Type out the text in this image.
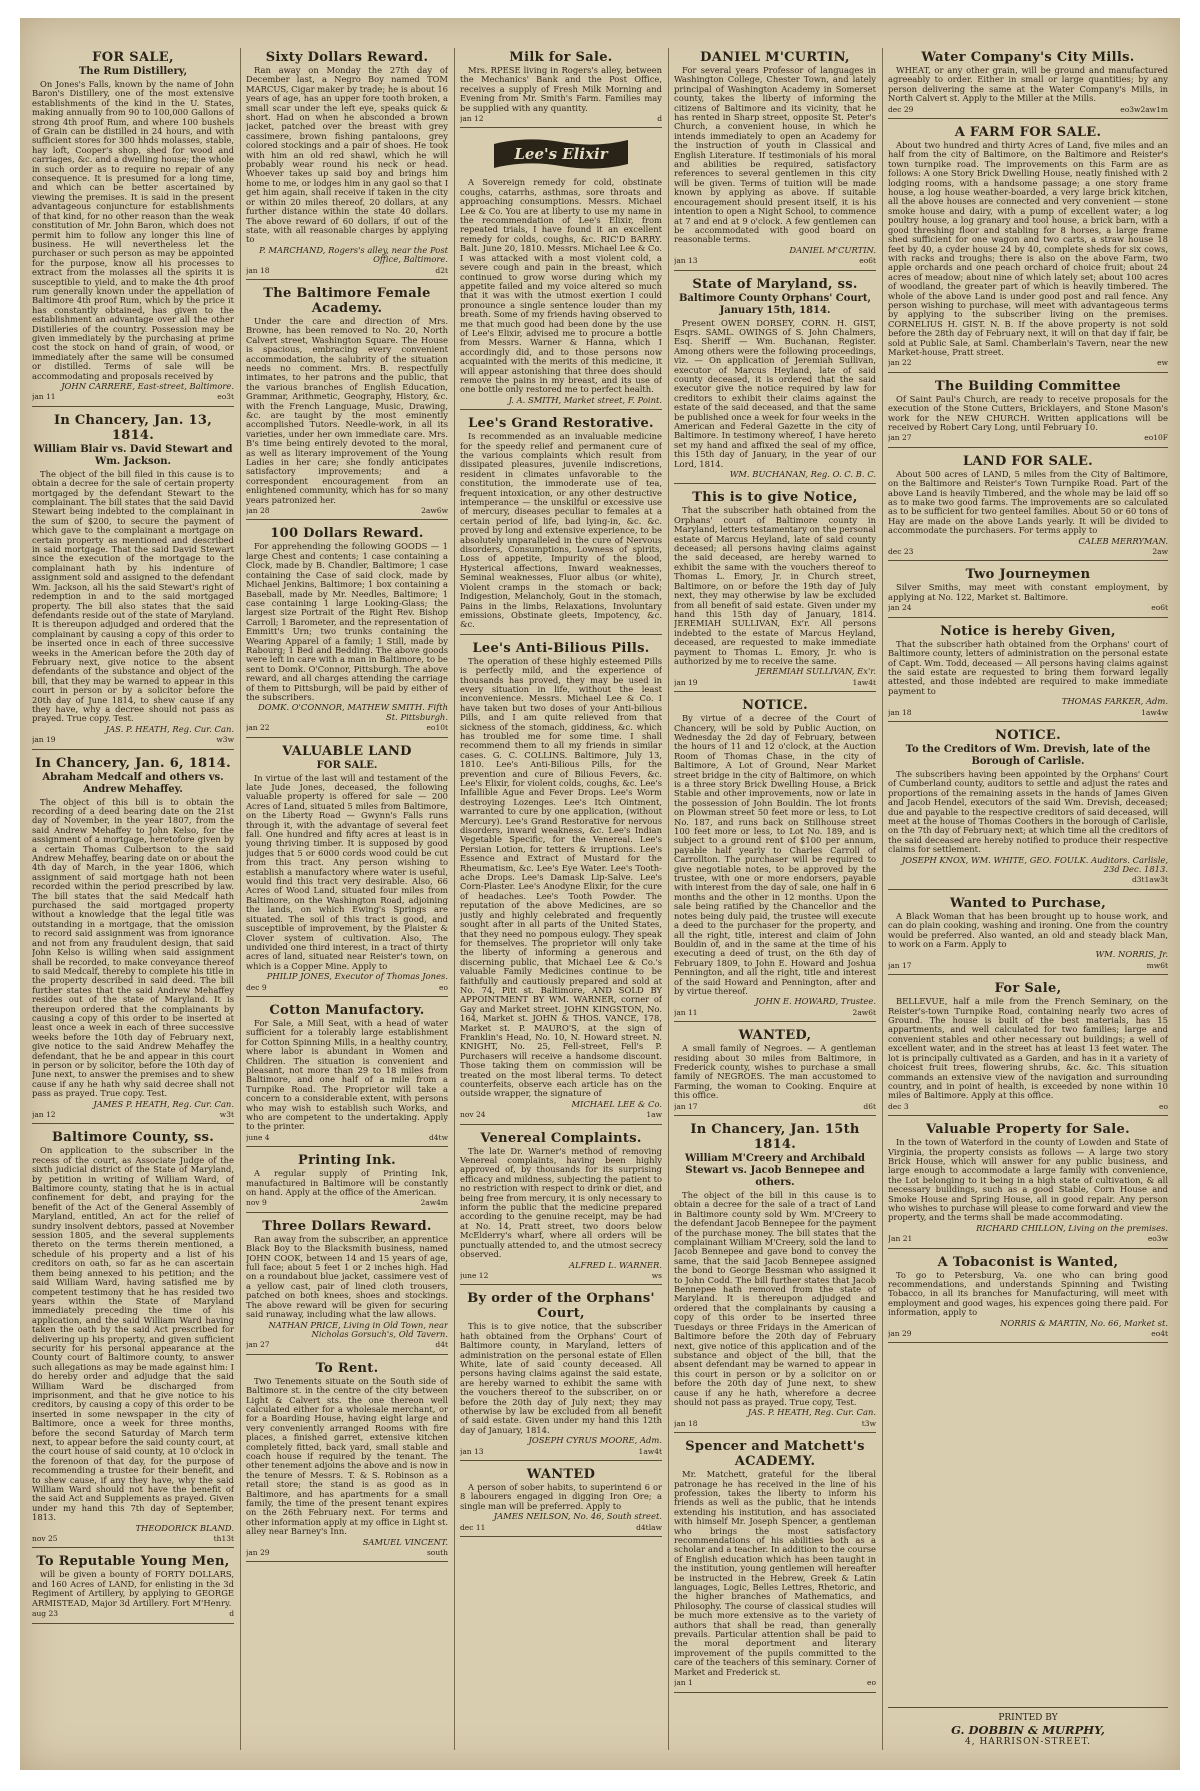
FOR SALE,
The Rum Distillery,

On Jones's Falls, known by the name of John Baron's Distillery, one of the most extensive establishments of the kind in the U. States, making annually from 90 to 100,000 Gallons of strong 4th proof Rum, and where 100 bushels of Grain can be distilled in 24 hours, and with sufficient stores for 300 hhds molasses, stable, hay loft, Cooper's shop, shed for wood and carriages, &c. and a dwelling house; the whole in such order as to require no repair of any consequence. It is presumed for a long time, and which can be better ascertained by viewing the premises. It is said in the present advantageous conjuncture for establishments of that kind, for no other reason than the weak constitution of Mr. John Baron, which does not permit him to follow any longer this line of business. He will nevertheless let the purchaser or such person as may be appointed for the purpose, know all his processes to extract from the molasses all the spirits it is susceptible to yield, and to make the 4th proof rum generally known under the appellation of Baltimore 4th proof Rum, which by the price it has constantly obtained, has given to the establishment an advantage over all the other Distilleries of the country. Possession may be given immediately by the purchasing at prime cost the stock on hand of grain, of wood, or immediately after the same will be consumed or distilled. Terms of sale will be accommodating and proposals received by

JOHN CARRERE, East-street, Baltimore.
jan 11	eo3t
In Chancery, Jan. 13, 1814.
William Blair vs. David Stewart and Wm. Jackson.

The object of the bill filed in this cause is to obtain a decree for the sale of certain property mortgaged by the defendant Stewart to the complainant. The bill states that the said David Stewart being indebted to the complainant in the sum of $200, to secure the payment of which gave to the complainant a mortgage on certain property as mentioned and described in said mortgage. That the said David Stewart since the execution of the mortgage to the complainant hath by his indenture of assignment sold and assigned to the defendant Wm. Jackson, all his the said Stewart's right of redemption in and to the said mortgaged property. The bill also states that the said defendants reside out of the state of Maryland. It is thereupon adjudged and ordered that the complainant by causing a copy of this order to be inserted once in each of three successive weeks in the American before the 20th day of February next, give notice to the absent defendants of the substance and object of the bill, that they may be warned to appear in this court in person or by a solicitor before the 20th day of June 1814, to shew cause if any they have, why a decree should not pass as prayed. True copy. Test.

JAS. P. HEATH, Reg. Cur. Can.
jan 19	w3w
In Chancery, Jan. 6, 1814.
Abraham Medcalf and others vs. Andrew Mehaffey.

The object of this bill is to obtain the recording of a deed bearing date on the 21st day of November, in the year 1807, from the said Andrew Mehaffey to John Kelso, for the assignment of a mortgage, heretofore given by a certain Thomas Culbertson to the said Andrew Mehaffey, bearing date on or about the 4th day of March, in the year 1806, which assignment of said mortgage hath not been recorded within the period prescribed by law. The bill states that the said Medcalf hath purchased the said mortgaged property without a knowledge that the legal title was outstanding in a mortgage, that the omission to record said assignment was from ignorance and not from any fraudulent design, that said John Kelso is willing when said assignment shall be recorded, to make conveyance thereof to said Medcalf, thereby to complete his title in the property described in said deed. The bill further states that the said Andrew Mehaffey resides out of the state of Maryland. It is thereupon ordered that the complainants by causing a copy of this order to be inserted at least once a week in each of three successive weeks before the 10th day of February next, give notice to the said Andrew Mehaffey the defendant, that he be and appear in this court in person or by solicitor, before the 10th day of June next, to answer the premises and to shew cause if any he hath why said decree shall not pass as prayed. True copy. Test.

JAMES P. HEATH, Reg. Cur. Can.
jan 12	w3t
Baltimore County, ss.

On application to the subscriber in the recess of the court, as Associate Judge of the sixth judicial district of the State of Maryland, by petition in writing of William Ward, of Baltimore county, stating that he is in actual confinement for debt, and praying for the benefit of the Act of the General Assembly of Maryland, entitled, An act for the relief of sundry insolvent debtors, passed at November session 1805, and the several supplements thereto on the terms therein mentioned, a schedule of his property and a list of his creditors on oath, so far as he can ascertain them being annexed to his petition; and the said William Ward, having satisfied me by competent testimony that he has resided two years within the State of Maryland immediately preceding the time of his application, and the said William Ward having taken the oath by the said Act prescribed for delivering up his property, and given sufficient security for his personal appearance at the County court of Baltimore county, to answer such allegations as may be made against him: I do hereby order and adjudge that the said William Ward be discharged from imprisonment, and that he give notice to his creditors, by causing a copy of this order to be inserted in some newspaper in the city of Baltimore, once a week for three months, before the second Saturday of March term next, to appear before the said county court, at the court house of said county, at 10 o'clock in the forenoon of that day, for the purpose of recommending a trustee for their benefit, and to shew cause, if any they have, why the said William Ward should not have the benefit of the said Act and Supplements as prayed. Given under my hand this 7th day of September, 1813.

THEODORICK BLAND.
nov 25	th13t
To Reputable Young Men,

will be given a bounty of FORTY DOLLARS, and 160 Acres of LAND, for enlisting in the 3d Regiment of Artillery, by applying to GEORGE ARMISTEAD, Major 3d Artillery. Fort M'Henry.

aug 23	d
Sixty Dollars Reward.

Ran away on Monday the 27th day of December last, a Negro Boy named TOM MARCUS, Cigar maker by trade; he is about 16 years of age, has an upper fore tooth broken, a small scar under the left eye, speaks quick & short. Had on when he absconded a brown jacket, patched over the breast with grey cassimere, brown fishing pantaloons, grey colored stockings and a pair of shoes. He took with him an old red shawl, which he will probably wear round his neck or head. Whoever takes up said boy and brings him home to me, or lodges him in any gaol so that I get him again, shall receive if taken in the city or within 20 miles thereof, 20 dollars, at any further distance within the state 40 dollars. The above reward of 60 dollars, if out of the state, with all reasonable charges by applying to

P. MARCHAND, Rogers's alley, near the Post Office, Baltimore.
jan 18	d2t
The Baltimore Female Academy.

Under the care and direction of Mrs. Browne, has been removed to No. 20, North Calvert street, Washington Square. The House is spacious, embracing every convenient accommodation, the salubrity of the situation needs no comment. Mrs. B. respectfully intimates, to her patrons and the public, that the various branches of English Education, Grammar, Arithmetic, Geography, History, &c. with the French Language, Music, Drawing, &c. are taught by the most eminently accomplished Tutors. Needle-work, in all its varieties, under her own immediate care. Mrs. B's time being entirely devoted to the moral, as well as literary improvement of the Young Ladies in her care; she fondly anticipates satisfactory improvements; and a correspondent encouragement from an enlightened community, which has for so many years patronized her.

jan 28	2aw6w
100 Dollars Reward.

For apprehending the following GOODS — 1 large Chest and contents; 1 case containing a Clock, made by B. Chandler, Baltimore; 1 case containing the Case of said clock, made by Michael Jenkins, Baltimore; 1 box containing a Baseball, made by Mr. Needles, Baltimore; 1 case containing 1 large Looking-Glass; the largest size Portrait of the Right Rev. Bishop Carroll; 1 Barometer, and the representation of Emmitt's Urn; two trunks containing the Wearing Apparel of a family; 1 Still, made by Rabourg; 1 Bed and Bedding. The above goods were left in care with a man in Baltimore, to be sent to Domk. O'Connor, Pittsburgh. The above reward, and all charges attending the carriage of them to Pittsburgh, will be paid by either of the subscribers.

DOMK. O'CONNOR, MATHEW SMITH. Fifth St. Pittsburgh.
jan 22	eo10t
VALUABLE LAND
FOR SALE.

In virtue of the last will and testament of the late Jude Jones, deceased, the following valuable property is offered for sale — 200 Acres of Land, situated 5 miles from Baltimore, on the Liberty Road — Gwynn's Falls runs through it, with the advantage of several feet fall. One hundred and fifty acres at least is in young thriving timber. It is supposed by good judges that 5 or 6000 cords wood could be cut from this tract. Any person wishing to establish a manufactory where water is useful, would find this tract very desirable. Also, 66 Acres of Wood Land, situated four miles from Baltimore, on the Washington Road, adjoining the lands, on which Ewing's Springs are situated. The soil of this tract is good, and susceptible of improvement, by the Plaister & Clover system of cultivation. Also, The undivided one third interest, in a tract of thirty acres of land, situated near Reister's town, on which is a Copper Mine. Apply to

PHILIP JONES, Executor of Thomas Jones.
dec 9	eo
Cotton Manufactory.

For Sale, a Mill Seat, with a head of water sufficient for a tolerably large establishment for Cotton Spinning Mills, in a healthy country, where labor is abundant in Women and Children. The situation is convenient and pleasant, not more than 29 to 18 miles from Baltimore, and one half of a mile from a Turnpike Road. The Proprietor will take a concern to a considerable extent, with persons who may wish to establish such Works, and who are competent to the undertaking. Apply to the printer.

june 4	d4tw
Printing Ink.

A regular supply of Printing Ink, manufactured in Baltimore will be constantly on hand. Apply at the office of the American.

nov 9	2aw4m
Three Dollars Reward.

Ran away from the subscriber, an apprentice Black Boy to the Blacksmith business, named JOHN COOK, between 14 and 15 years of age, full face; about 5 feet 1 or 2 inches high. Had on a roundabout blue jacket, cassimere vest of a yellow cast, pair of lined cloth trousers, patched on both knees, shoes and stockings. The above reward will be given for securing said runaway, including what the law allows.

NATHAN PRICE, Living in Old Town, near Nicholas Gorsuch's, Old Tavern.
jan 27	d4t
To Rent.

Two Tenements situate on the South side of Baltimore st. in the centre of the city between Light & Calvert sts. the one thereon well calculated either for a wholesale merchant, or for a Boarding House, having eight large and very conveniently arranged Rooms with fire places, a finished garret, extensive kitchen completely fitted, back yard, small stable and coach house if required by the tenant. The other tenement adjoins the above and is now in the tenure of Messrs. T. & S. Robinson as a retail store; the stand is as good as in Baltimore, and has apartments for a small family, the time of the present tenant expires on the 26th February next. For terms and other information apply at my office in Light st. alley near Barney's Inn.

SAMUEL VINCENT.
jan 29	south
Milk for Sale.

Mrs. RPESE living in Rogers's alley, between the Mechanics' Bank and the Post Office, receives a supply of Fresh Milk Morning and Evening from Mr. Smith's Farm. Families may be supplied with any quantity.

jan 12	d
Lee's Elixir

A Sovereign remedy for cold, obstinate coughs, catarrhs, asthmas, sore throats and approaching consumptions. Messrs. Michael Lee & Co. You are at liberty to use my name in the recommendation of Lee's Elixir, from repeated trials, I have found it an excellent remedy for colds, coughs, &c. RIC'D BARRY. Balt. June 20, 1810. Messrs. Michael Lee & Co. I was attacked with a most violent cold, a severe cough and pain in the breast, which continued to grow worse during which my appetite failed and my voice altered so much that it was with the utmost exertion I could pronounce a single sentence louder than my breath. Some of my friends having observed to me that much good had been done by the use of Lee's Elixir, advised me to procure a bottle from Messrs. Warner & Hanna, which I accordingly did, and to those persons now acquainted with the merits of this medicine, it will appear astonishing that three does should remove the pains in my breast, and its use of one bottle only restored me to perfect health.

J. A. SMITH, Market street, F. Point.
Lee's Grand Restorative.

Is recommended as an invaluable medicine for the speedy relief and permanent cure of the various complaints which result from dissipated pleasures, juvenile indiscretions, resident in climates unfavorable to the constitution, the immoderate use of tea, frequent intoxication, or any other destructive intemperance — the unskilful or excessive use of mercury, diseases peculiar to females at a certain period of life, bad lying-in, &c. &c. proved by long and extensive experience, to be absolutely unparalleled in the cure of Nervous disorders, Consumptions, Lowness of spirits, Loss of appetite, Impurity of the blood, Hysterical affections, Inward weaknesses, Seminal weaknesses, Fluor albus (or white), Violent cramps in the stomach or back; Indigestion, Melancholy, Gout in the stomach, Pains in the limbs, Relaxations, Involuntary emissions, Obstinate gleets, Impotency, &c. &c.

Lee's Anti-Bilious Pills.

The operation of these highly esteemed Pills is perfectly mild, and the experience of thousands has proved, they may be used in every situation in life, without the least inconvenience. Messrs. Michael Lee & Co. I have taken but two doses of your Anti-bilious Pills, and I am quite relieved from that sickness of the stomach, giddiness, &c. which has troubled me for some time. I shall recommend them to all my friends in similar cases. G. C. COLLINS. Baltimore, July 13, 1810. Lee's Anti-Bilious Pills, for the prevention and cure of Bilious Fevers, &c. Lee's Elixir, for violent colds, coughs, &c. Lee's Infallible Ague and Fever Drops. Lee's Worm destroying Lozenges. Lee's Itch Ointment, warranted to cure by one application, (without Mercury). Lee's Grand Restorative for nervous disorders, inward weakness, &c. Lee's Indian Vegetable Specific, for the Venereal. Lee's Persian Lotion, for tetters & irruptions. Lee's Essence and Extract of Mustard for the Rheumatism, &c. Lee's Eye Water. Lee's Tooth-ache Drops. Lee's Damask Lip-Salve. Lee's Corn-Plaster. Lee's Anodyne Elixir, for the cure of headaches. Lee's Tooth Powder. The reputation of the above Medicines, are so justly and highly celebrated and frequently sought after in all parts of the United States, that they need no pompous eulogy. They speak for themselves. The proprietor will only take the liberty of informing a generous and discerning public, that Michael Lee & Co.'s valuable Family Medicines continue to be faithfully and cautiously prepared and sold at No. 74, Pitt st. Baltimore, AND SOLD BY APPOINTMENT BY WM. WARNER, corner of Gay and Market street. JOHN KINGSTON, No. 164, Market st. JOHN & THOS. VANCE, 178, Market st. P. MAURO'S, at the sign of Franklin's Head, No. 10, N. Howard street. N. KNIGHT, No. 25, Fell-street, Fell's P. Purchasers will receive a handsome discount. Those taking them on commission will be treated on the most liberal terms. To detect counterfeits, observe each article has on the outside wrapper, the signature of

MICHAEL LEE & Co.
nov 24	1aw
Venereal Complaints.

The late Dr. Warner's method of removing Venereal complaints, having been highly approved of, by thousands for its surprising efficacy and mildness, subjecting the patient to no restriction with respect to drink or diet, and being free from mercury, it is only necessary to inform the public that the medicine prepared according to the genuine receipt, may be had at No. 14, Pratt street, two doors below McElderry's wharf, where all orders will be punctually attended to, and the utmost secrecy observed.

ALFRED L. WARNER.
june 12	ws
By order of the Orphans' Court,

This is to give notice, that the subscriber hath obtained from the Orphans' Court of Baltimore county, in Maryland, letters of administration on the personal estate of Ellen White, late of said county deceased. All persons having claims against the said estate, are hereby warned to exhibit the same with the vouchers thereof to the subscriber, on or before the 20th day of July next; they may otherwise by law be excluded from all benefit of said estate. Given under my hand this 12th day of January, 1814.

JOSEPH CYRUS MOORE, Adm.
jan 13	1aw4t
WANTED

A person of sober habits, to superintend 6 or 8 labourers engaged in digging Iron Ore; a single man will be preferred. Apply to

JAMES NEILSON, No. 46, South street.
dec 11	d4tlaw
DANIEL M'CURTIN,

For several years Professor of languages in Washington College, Chester Town, and lately principal of Washington Academy in Somerset county, takes the liberty of informing the citizens of Baltimore and its vicinity, that he has rented in Sharp street, opposite St. Peter's Church, a convenient house, in which he intends immediately to open an Academy for the instruction of youth in Classical and English Literature. If testimonials of his moral and abilities be required, satisfactory references to several gentlemen in this city will be given. Terms of tuition will be made known by applying as above. If suitable encouragement should present itself, it is his intention to open a Night School, to commence at 7 and end at 9 o'clock. A few gentlemen can be accommodated with good board on reasonable terms.

DANIEL M'CURTIN.
jan 13	eo6t
State of Maryland, ss.
Baltimore County Orphans' Court, January 15th, 1814.

Present OWEN DORSEY, CORN. H. GIST, Esqrs. SAML. OWINGS of S. John Chalmers, Esq. Sheriff — Wm. Buchanan, Register. Among others were the following proceedings, viz. — On application of Jeremiah Sullivan, executor of Marcus Heyland, late of said county deceased, it is ordered that the said executor give the notice required by law for creditors to exhibit their claims against the estate of the said deceased, and that the same be published once a week for four weeks in the American and Federal Gazette in the city of Baltimore. In testimony whereof, I have hereto set my hand and affixed the seal of my office, this 15th day of January, in the year of our Lord, 1814.

WM. BUCHANAN, Reg. O. C. B. C.
This is to give Notice,

That the subscriber hath obtained from the Orphans' court of Baltimore county in Maryland, letters testamentary on the personal estate of Marcus Heyland, late of said county deceased; all persons having claims against the said deceased, are hereby warned to exhibit the same with the vouchers thereof to Thomas L. Emory, Jr. in Church street, Baltimore, on or before the 19th day of July next, they may otherwise by law be excluded from all benefit of said estate. Given under my hand this 15th day of January, 1814. JEREMIAH SULLIVAN, Ex'r. All persons indebted to the estate of Marcus Heyland, deceased, are requested to make immediate payment to Thomas L. Emory, Jr. who is authorized by me to receive the same.

JEREMIAH SULLIVAN, Ex'r.
jan 19	1aw4t
NOTICE.

By virtue of a decree of the Court of Chancery, will be sold by Public Auction, on Wednesday the 2d day of February, between the hours of 11 and 12 o'clock, at the Auction Room of Thomas Chase, in the city of Baltimore, A Lot of Ground, Near Market street bridge in the city of Baltimore, on which is a three story Brick Dwelling House, a Brick Stable and other improvements, now or late in the possession of John Bouldin. The lot fronts on Plowman street 50 feet more or less, to Lot No. 187, and runs back on Stillhouse street 100 feet more or less, to Lot No. 189, and is subject to a ground rent of $100 per annum, payable half yearly to Charles Carroll of Carrollton. The purchaser will be required to give negotiable notes, to be approved by the trustee, with one or more endorsers, payable with interest from the day of sale, one half in 6 months and the other in 12 months. Upon the sale being ratified by the Chancellor and the notes being duly paid, the trustee will execute a deed to the purchaser for the property, and all the right, title, interest and claim of John Bouldin of, and in the same at the time of his executing a deed of trust, on the 6th day of February 1809, to John E. Howard and Joshua Pennington, and all the right, title and interest of the said Howard and Pennington, after and by virtue thereof.

JOHN E. HOWARD, Trustee.
jan 11	2aw6t
WANTED,

A small family of Negroes. — A gentleman residing about 30 miles from Baltimore, in Frederick county, wishes to purchase a small family of NEGROES. The man accustomed to Farming, the woman to Cooking. Enquire at this office.

jan 17	d6t
In Chancery, Jan. 15th 1814.
William M'Creery and Archibald Stewart vs. Jacob Bennepee and others.

The object of the bill in this cause is to obtain a decree for the sale of a tract of Land in Baltimore county sold by Wm. M'Creery to the defendant Jacob Bennepee for the payment of the purchase money. The bill states that the complainant William M'Creery, sold the land to Jacob Bennepee and gave bond to convey the same, that the said Jacob Bennepee assigned the bond to George Bessman who assigned it to John Codd. The bill further states that Jacob Bennepee hath removed from the state of Maryland. It is thereupon adjudged and ordered that the complainants by causing a copy of this order to be inserted three Tuesdays or three Fridays in the American of Baltimore before the 20th day of February next, give notice of this application and of the substance and object of the bill, that the absent defendant may be warned to appear in this court in person or by a solicitor on or before the 20th day of June next, to shew cause if any he hath, wherefore a decree should not pass as prayed. True copy, Test.

JAS. P. HEATH, Reg. Cur. Can.
jan 18	t3w
Spencer and Matchett's ACADEMY.

Mr. Matchett, grateful for the liberal patronage he has received in the line of his profession, takes the liberty to inform his friends as well as the public, that he intends extending his institution, and has associated with himself Mr. Joseph Spencer, a gentleman who brings the most satisfactory recommendations of his abilities both as a scholar and a teacher. In addition to the course of English education which has been taught in the institution, young gentlemen will hereafter be instructed in the Hebrew, Greek & Latin languages, Logic, Belles Lettres, Rhetoric, and the higher branches of Mathematics, and Philosophy. The course of classical studies will be much more extensive as to the variety of authors that shall be read, than generally prevails. Particular attention shall be paid to the moral deportment and literary improvement of the pupils committed to the care of the teachers of this seminary. Corner of Market and Frederick st.

jan 1	eo
Water Company's City Mills.

WHEAT, or any other grain, will be ground and manufactured agreeably to order. Either in small or large quantities; by any person delivering the same at the Water Company's Mills, in North Calvert st. Apply to the Miller at the Mills.

dec 29	eo3w2aw1m
A FARM FOR SALE.

About two hundred and thirty Acres of Land, five miles and an half from the city of Baltimore, on the Baltimore and Reister's town turnpike road. The improvements on this Farm are as follows: A one Story Brick Dwelling House, neatly finished with 2 lodging rooms, with a handsome passage; a one story frame house, a log house weather-boarded, a very large brick kitchen, all the above houses are connected and very convenient — stone smoke house and dairy, with a pump of excellent water; a log poultry house, a log granary and tool house, a brick barn, with a good threshing floor and stabling for 8 horses, a large frame shed sufficient for one wagon and two carts, a straw house 18 feet by 40, a cyder house 24 by 40, complete sheds for six cows, with racks and troughs; there is also on the above Farm, two apple orchards and one peach orchard of choice fruit; about 24 acres of meadow; about nine of which lately set; about 100 acres of woodland, the greater part of which is heavily timbered. The whole of the above Land is under good post and rail fence. Any person wishing to purchase, will meet with advantageous terms by applying to the subscriber living on the premises. CORNELIUS H. GIST. N. B. If the above property is not sold before the 28th day of February next, it will on that day if fair, be sold at Public Sale, at Saml. Chamberlain's Tavern, near the new Market-house, Pratt street.

jan 22	ew
The Building Committee

Of Saint Paul's Church, are ready to receive proposals for the execution of the Stone Cutters, Bricklayers, and Stone Mason's work for the NEW CHURCH. Written applications will be received by Robert Cary Long, until February 10.

jan 27	eo10F
LAND FOR SALE.

About 500 acres of LAND, 5 miles from the City of Baltimore, on the Baltimore and Reister's Town Turnpike Road. Part of the above Land is heavily Timbered, and the whole may be laid off so as to make two good farms. The improvements are so calculated as to be sufficient for two genteel families. About 50 or 60 tons of Hay are made on the above Lands yearly. It will be divided to accommodate the purchasers. For terms apply to

CALEB MERRYMAN.
dec 23	2aw
Two Journeymen

Silver Smiths, may meet with constant employment, by applying at No. 122, Market st. Baltimore.

jan 24	eo6t
Notice is hereby Given,

That the subscriber hath obtained from the Orphans' court of Baltimore county, letters of administration on the personal estate of Capt. Wm. Todd, deceased — All persons having claims against the said estate are requested to bring them forward legally attested, and those indebted are required to make immediate payment to

THOMAS FARKER, Adm.
jan 18	1aw4w
NOTICE.
To the Creditors of Wm. Drevish, late of the Borough of Carlisle.

The subscribers having been appointed by the Orphans' Court of Cumberland county, auditors to settle and adjust the rates and proportions of the remaining assets in the hands of James Given and Jacob Hendel, executors of the said Wm. Drevish, deceased; due and payable to the respective creditors of said deceased, will meet at the house of Thomas Coothers in the borough of Carlisle, on the 7th day of February next; at which time all the creditors of the said deceased are hereby notified to produce their respective claims for settlement.

JOSEPH KNOX, WM. WHITE, GEO. FOULK. Auditors. Carlisle, 23d Dec. 1813.
d3t1aw3t
Wanted to Purchase,

A Black Woman that has been brought up to house work, and can do plain cooking, washing and ironing. One from the country would be preferred. Also wanted, an old and steady black Man, to work on a Farm. Apply to

WM. NORRIS, Jr.
jan 17	mw6t
For Sale,

BELLEVUE, half a mile from the French Seminary, on the Reister's-town Turnpike Road, containing nearly two acres of Ground. The house is built of the best materials, has 15 appartments, and well calculated for two families; large and convenient stables and other necessary out buildings; a well of excellent water, and in the street has at least 13 feet water. The lot is principally cultivated as a Garden, and has in it a variety of choicest fruit trees, flowering shrubs, &c. &c. This situation commands an extensive view of the navigation and surrounding country, and in point of health, is exceeded by none within 10 miles of Baltimore. Apply at this office.

dec 3	eo
Valuable Property for Sale.

In the town of Waterford in the county of Lowden and State of Virginia, the property consists as follows — A large two story Brick House, which will answer for any public business, and large enough to accommodate a large family with convenience, the Lot belonging to it being in a high state of cultivation, & all necessary buildings, such as a good Stable, Corn House and Smoke House and Spring House, all in good repair. Any person who wishes to purchase will please to come forward and view the property, and the terms shall be made accommodating.

RICHARD CHILLON, Living on the premises.
Jan 21	eo3w
A Tobaconist is Wanted,

To go to Petersburg, Va. one who can bring good recommendations, and understands Spinning and Twisting Tobacco, in all its branches for Manufacturing, will meet with employment and good wages, his expences going there paid. For information, apply to

NORRIS & MARTIN, No. 66, Market st.
jan 29	eo4t
PRINTED BY
G. DOBBIN & MURPHY,
4, HARRISON-STREET.
